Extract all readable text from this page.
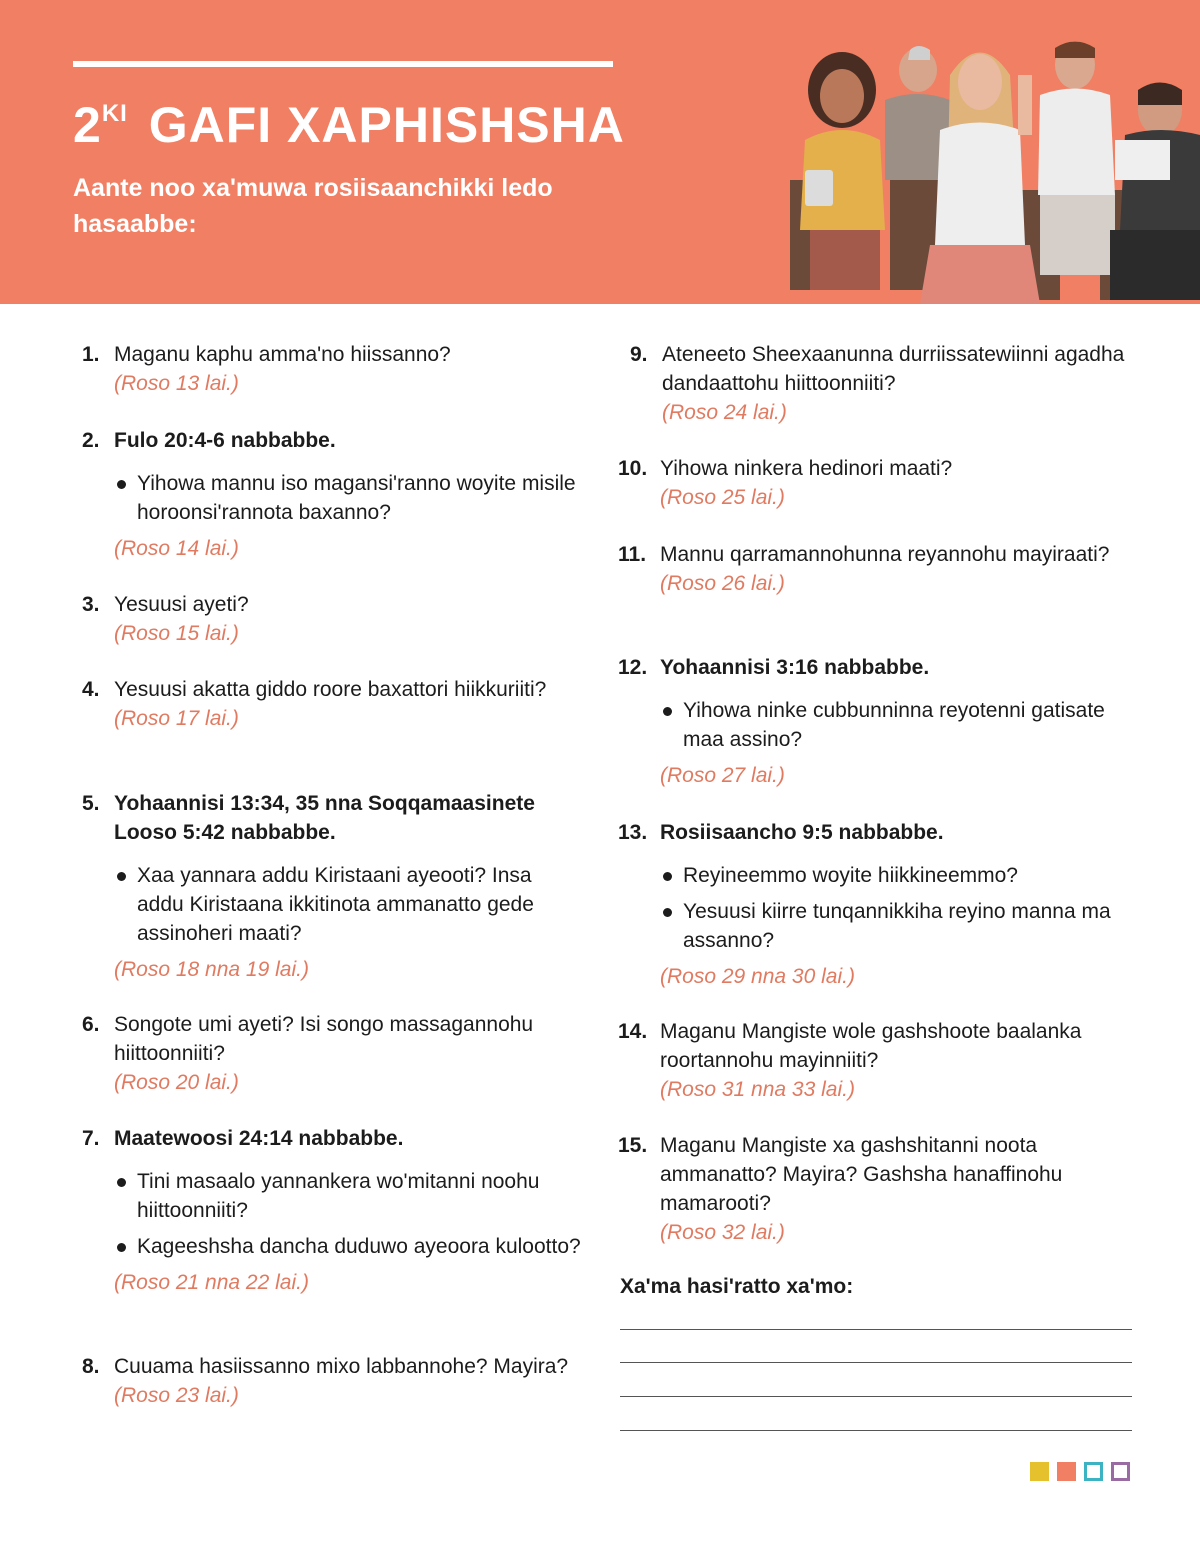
$2^{KI}$ GAFI XAPHISHSHA
Aante noo xa'muwa rosiisaanchikki ledo hasaabbe:
1. Maganu kaphu amma'no hiissanno?
(Roso 13 lai.)
2. Fulo 20:4-6 nabbabbe.
Yihowa mannu iso magansi'ranno woyite misile horoonsi'rannota baxanno?
(Roso 14 lai.)
3. Yesuusi ayeti?
(Roso 15 lai.)
4. Yesuusi akatta giddo roore baxattori hiikkuriiti?
(Roso 17 lai.)
5. Yohaannisi 13:34, 35 nna Soqqamaasinete Looso 5:42 nabbabbe.
Xaa yannara addu Kiristaani ayeooti? Insa addu Kiristaana ikkitinota ammanatto gede assinoheri maati?
(Roso 18 nna 19 lai.)
6. Songote umi ayeti? Isi songo massagannohu hiittoonniiti?
(Roso 20 lai.)
7. Maatewoosi 24:14 nabbabbe.
Tini masaalo yannankera wo'mitanni noohu hiittoonniiti?
Kageeshsha dancha duduwo ayeoora kulootto?
(Roso 21 nna 22 lai.)
8. Cuuama hasiissanno mixo labbannohe? Mayira?
(Roso 23 lai.)
9. Ateneeto Sheexaanunna durriissatewiinni agadha dandaattohu hiittoonniiti?
(Roso 24 lai.)
10. Yihowa ninkera hedinori maati?
(Roso 25 lai.)
11. Mannu qarramannohunna reyannohu mayiraati?
(Roso 26 lai.)
12. Yohaannisi 3:16 nabbabbe.
Yihowa ninke cubbunninna reyotenni gatisate maa assino?
(Roso 27 lai.)
13. Rosiisaancho 9:5 nabbabbe.
Reyineemmo woyite hiikkineemmo?
Yesuusi kiirre tunqannikkiha reyino manna ma assanno?
(Roso 29 nna 30 lai.)
14. Maganu Mangiste wole gashshoote baalanka roortannohu mayinniiti?
(Roso 31 nna 33 lai.)
15. Maganu Mangiste xa gashshitanni noota ammanatto? Mayira? Gashsha hanaffinohu mamarooti?
(Roso 32 lai.)
Xa'ma hasi'ratto xa'mo:
